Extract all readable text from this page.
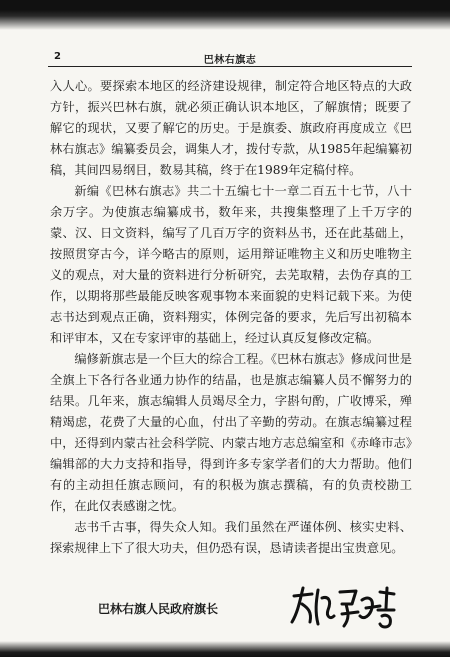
2	巴林右旗志

入人心。要探索本地区的经济建设规律，制定符合地区特点的大政方针，振兴巴林右旗，就必须正确认识本地区，了解旗情；既要了解它的现状，又要了解它的历史。于是旗委、旗政府再度成立《巴林右旗志》编纂委员会，调集人才，拨付专款，从1985年起编纂初稿，其间四易纲目，数易其稿，终于在1989年定稿付梓。

新编《巴林右旗志》共二十五编七十一章二百五十七节，八十余万字。为使旗志编纂成书，数年来，共搜集整理了上千万字的蒙、汉、日文资料，编写了几百万字的资料丛书，还在此基础上，按照贯穿古今，详今略古的原则，运用辩证唯物主义和历史唯物主义的观点，对大量的资料进行分析研究，去芜取精，去伪存真的工作，以期将那些最能反映客观事物本来面貌的史料记载下来。为使志书达到观点正确，资料翔实，体例完备的要求，先后写出初稿本和评审本，又在专家评审的基础上，经过认真反复修改定稿。

编修新旗志是一个巨大的综合工程。《巴林右旗志》修成问世是全旗上下各行各业通力协作的结晶，也是旗志编纂人员不懈努力的结果。几年来，旗志编辑人员竭尽全力，字斟句酌，广收博采，殚精竭虑，花费了大量的心血，付出了辛勤的劳动。在旗志编纂过程中，还得到内蒙古社会科学院、内蒙古地方志总编室和《赤峰市志》编辑部的大力支持和指导，得到许多专家学者们的大力帮助。他们有的主动担任旗志顾问，有的积极为旗志撰稿，有的负责校勘工作，在此仅表感谢之忱。

志书千古事，得失众人知。我们虽然在严谨体例、核实史料、探索规律上下了很大功夫，但仍恐有误，恳请读者提出宝贵意见。

巴林右旗人民政府旗长
